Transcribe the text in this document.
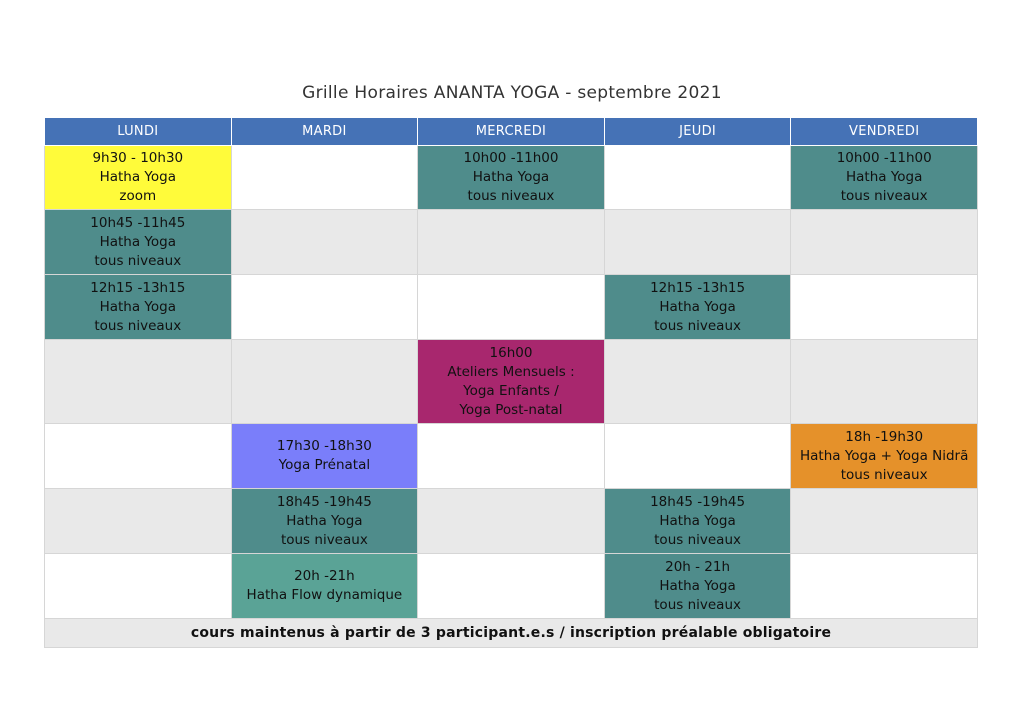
Grille Horaires ANANTA YOGA - septembre 2021
LUNDI	MARDI	MERCREDI	JEUDI	VENDREDI

9h30 - 10h30
Hatha Yoga
zoom		10h00 -11h00
Hatha Yoga
tous niveaux		10h00 -11h00
Hatha Yoga
tous niveaux

10h45 -11h45
Hatha Yoga
tous niveaux				

12h15 -13h15
Hatha Yoga
tous niveaux			12h15 -13h15
Hatha Yoga
tous niveaux	

		16h00
Ateliers Mensuels :
Yoga Enfants /
Yoga Post-natal		

	17h30 -18h30
Yoga Prénatal			18h -19h30
Hatha Yoga + Yoga Nidrã
tous niveaux

	18h45 -19h45
Hatha Yoga
tous niveaux		18h45 -19h45
Hatha Yoga
tous niveaux	

	20h -21h
Hatha Flow dynamique		20h - 21h
Hatha Yoga
tous niveaux	

cours maintenus à partir de 3 participant.e.s / inscription préalable obligatoire				
